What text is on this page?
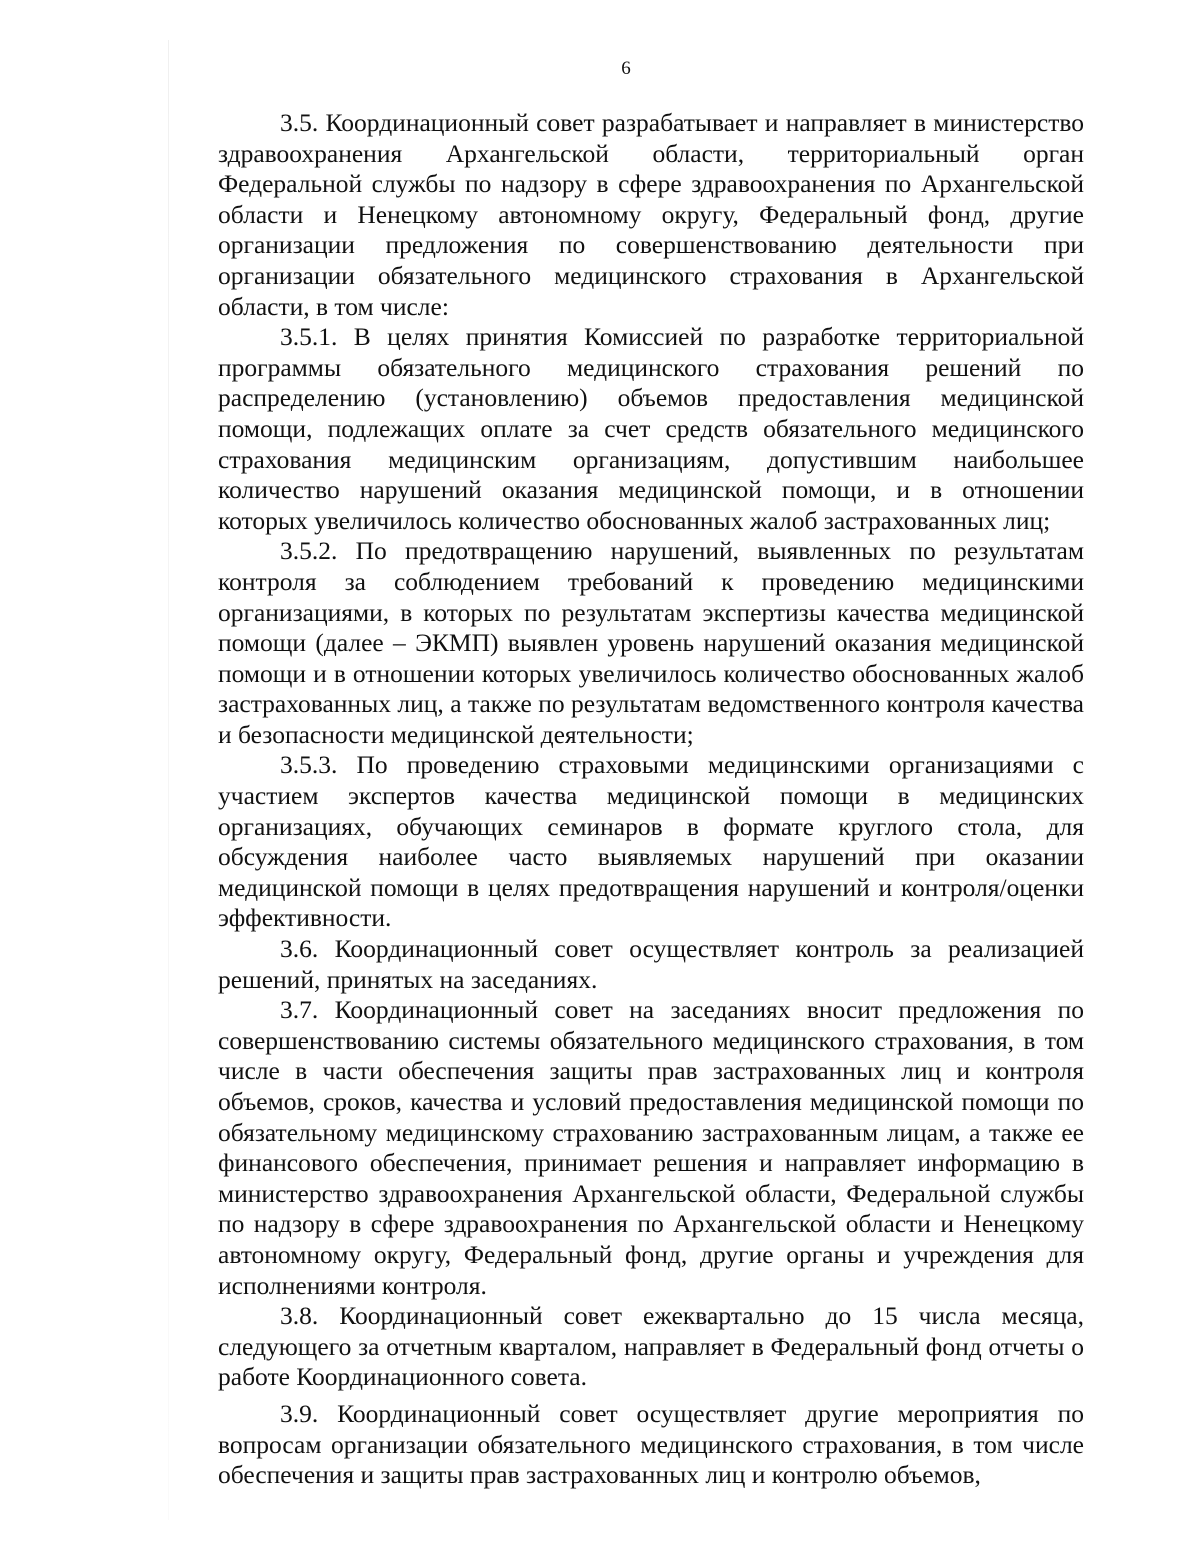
6

3.5. Координационный совет разрабатывает и направляет в министерство здравоохранения Архангельской области, территориальный орган Федеральной службы по надзору в сфере здравоохранения по Архангельской области и Ненецкому автономному округу, Федеральный фонд, другие организации предложения по совершенствованию деятельности при организации обязательного медицинского страхования в Архангельской области, в том числе:

3.5.1. В целях принятия Комиссией по разработке территориальной программы обязательного медицинского страхования решений по распределению (установлению) объемов предоставления медицинской помощи, подлежащих оплате за счет средств обязательного медицинского страхования медицинским организациям, допустившим наибольшее количество нарушений оказания медицинской помощи, и в отношении которых увеличилось количество обоснованных жалоб застрахованных лиц;

3.5.2. По предотвращению нарушений, выявленных по результатам контроля за соблюдением требований к проведению медицинскими организациями, в которых по результатам экспертизы качества медицинской помощи (далее – ЭКМП) выявлен уровень нарушений оказания медицинской помощи и в отношении которых увеличилось количество обоснованных жалоб застрахованных лиц, а также по результатам ведомственного контроля качества и безопасности медицинской деятельности;

3.5.3. По проведению страховыми медицинскими организациями с участием экспертов качества медицинской помощи в медицинских организациях, обучающих семинаров в формате круглого стола, для обсуждения наиболее часто выявляемых нарушений при оказании медицинской помощи в целях предотвращения нарушений и контроля/оценки эффективности.

3.6. Координационный совет осуществляет контроль за реализацией решений, принятых на заседаниях.

3.7. Координационный совет на заседаниях вносит предложения по совершенствованию системы обязательного медицинского страхования, в том числе в части обеспечения защиты прав застрахованных лиц и контроля объемов, сроков, качества и условий предоставления медицинской помощи по обязательному медицинскому страхованию застрахованным лицам, а также ее финансового обеспечения, принимает решения и направляет информацию в министерство здравоохранения Архангельской области, Федеральной службы по надзору в сфере здравоохранения по Архангельской области и Ненецкому автономному округу, Федеральный фонд, другие органы и учреждения для исполнениями контроля.

3.8. Координационный совет ежеквартально до 15 числа месяца, следующего за отчетным кварталом, направляет в Федеральный фонд отчеты о работе Координационного совета.

3.9. Координационный совет осуществляет другие мероприятия по вопросам организации обязательного медицинского страхования, в том числе обеспечения и защиты прав застрахованных лиц и контролю объемов,
